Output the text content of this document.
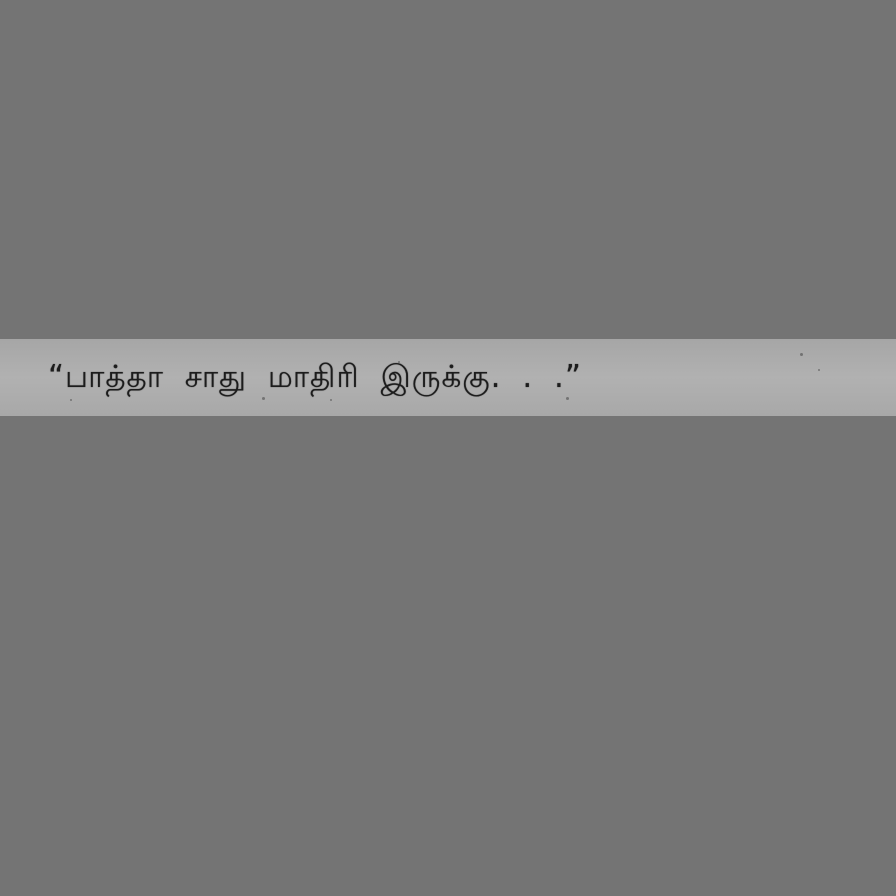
“பாத்தா சாது மாதிரி இருக்கு. . .”
